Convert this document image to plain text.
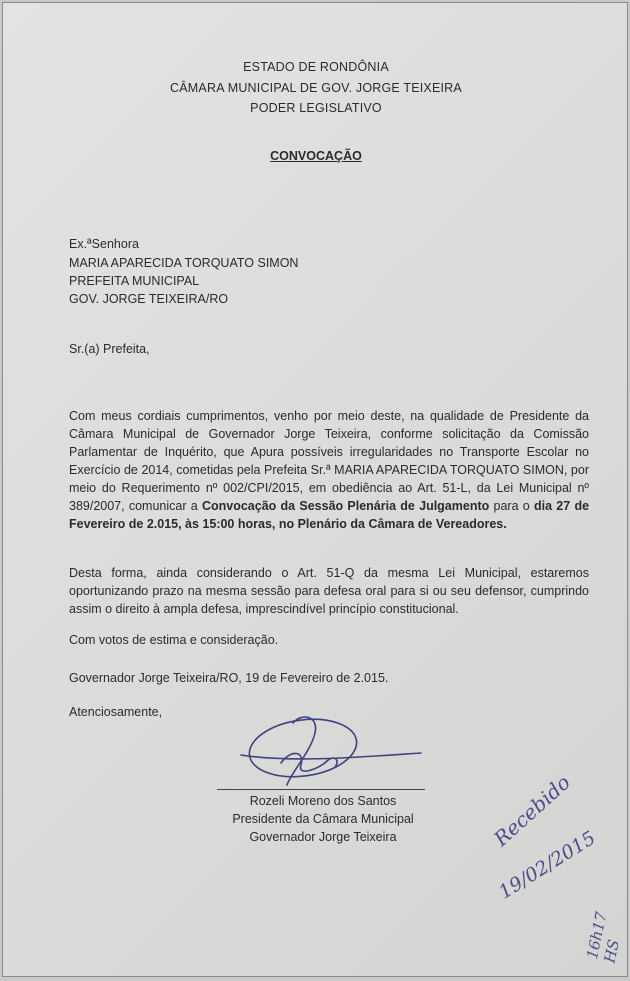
ESTADO DE RONDÔNIA
CÂMARA MUNICIPAL DE GOV. JORGE TEIXEIRA
PODER LEGISLATIVO
CONVOCAÇÃO
Ex.ªSenhora
MARIA APARECIDA TORQUATO SIMON
PREFEITA MUNICIPAL
GOV. JORGE TEIXEIRA/RO
Sr.(a) Prefeita,
Com meus cordiais cumprimentos, venho por meio deste, na qualidade de Presidente da Câmara Municipal de Governador Jorge Teixeira, conforme solicitação da Comissão Parlamentar de Inquérito, que Apura possíveis irregularidades no Transporte Escolar no Exercício de 2014, cometidas pela Prefeita Sr.ª MARIA APARECIDA TORQUATO SIMON, por meio do Requerimento nº 002/CPI/2015, em obediência ao Art. 51-L, da Lei Municipal nº 389/2007, comunicar a Convocação da Sessão Plenária de Julgamento para o dia 27 de Fevereiro de 2.015, às 15:00 horas, no Plenário da Câmara de Vereadores.
Desta forma, ainda considerando o Art. 51-Q da mesma Lei Municipal, estaremos oportunizando prazo na mesma sessão para defesa oral para si ou seu defensor, cumprindo assim o direito à ampla defesa, imprescindível princípio constitucional.
Com votos de estima e consideração.
Governador Jorge Teixeira/RO, 19 de Fevereiro de 2.015.
Atenciosamente,
Rozeli Moreno dos Santos
Presidente da Câmara Municipal
Governador Jorge Teixeira	Recebido
19/02/2015
16h17 HS
